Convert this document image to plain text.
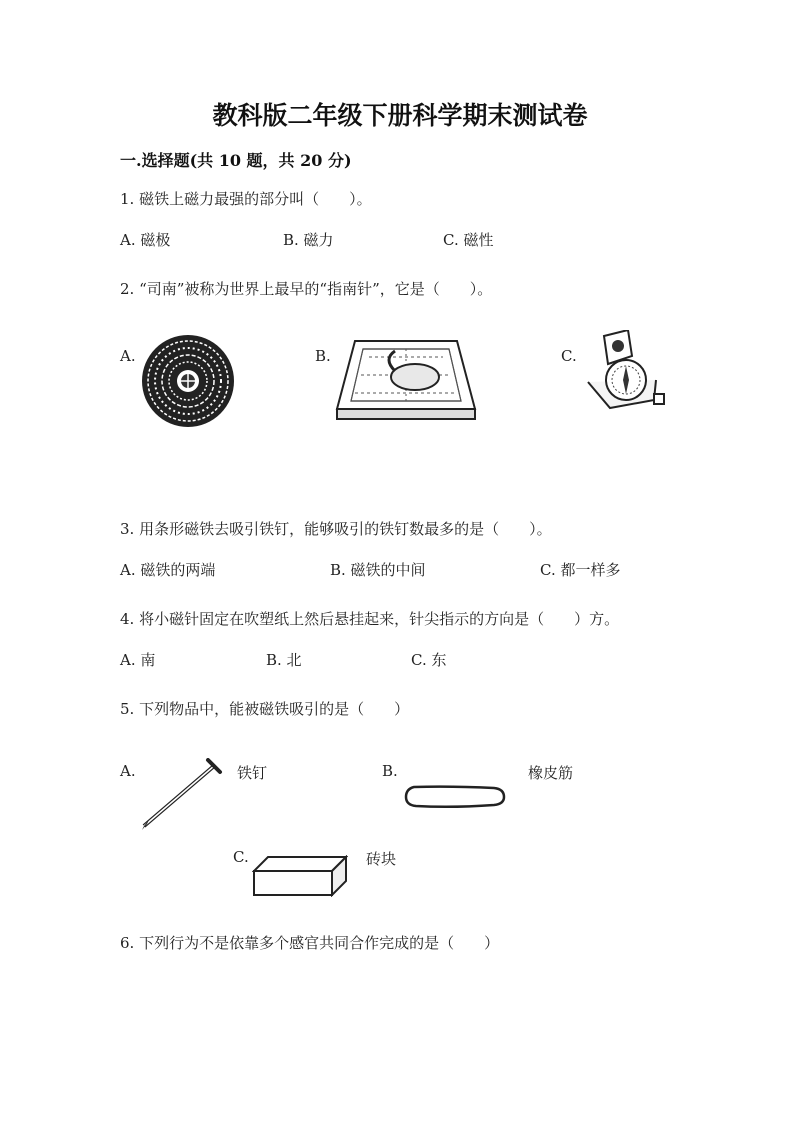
教科版二年级下册科学期末测试卷
一.选择题(共 10 题，共 20 分)
1. 磁铁上磁力最强的部分叫（　　）。
A. 磁极	B. 磁力	C. 磁性
2. “司南”被称为世界上最早的“指南针”，它是（　　）。
A.	B.	C.
3. 用条形磁铁去吸引铁钉，能够吸引的铁钉数最多的是（　　）。
A. 磁铁的两端	B. 磁铁的中间	C. 都一样多
4. 将小磁针固定在吹塑纸上然后悬挂起来，针尖指示的方向是（　　）方。
A. 南	B. 北	C. 东
5. 下列物品中，能被磁铁吸引的是（　　）
A.	铁钉	B.	橡皮筋
C.	砖块
6. 下列行为不是依靠多个感官共同合作完成的是（　　）
